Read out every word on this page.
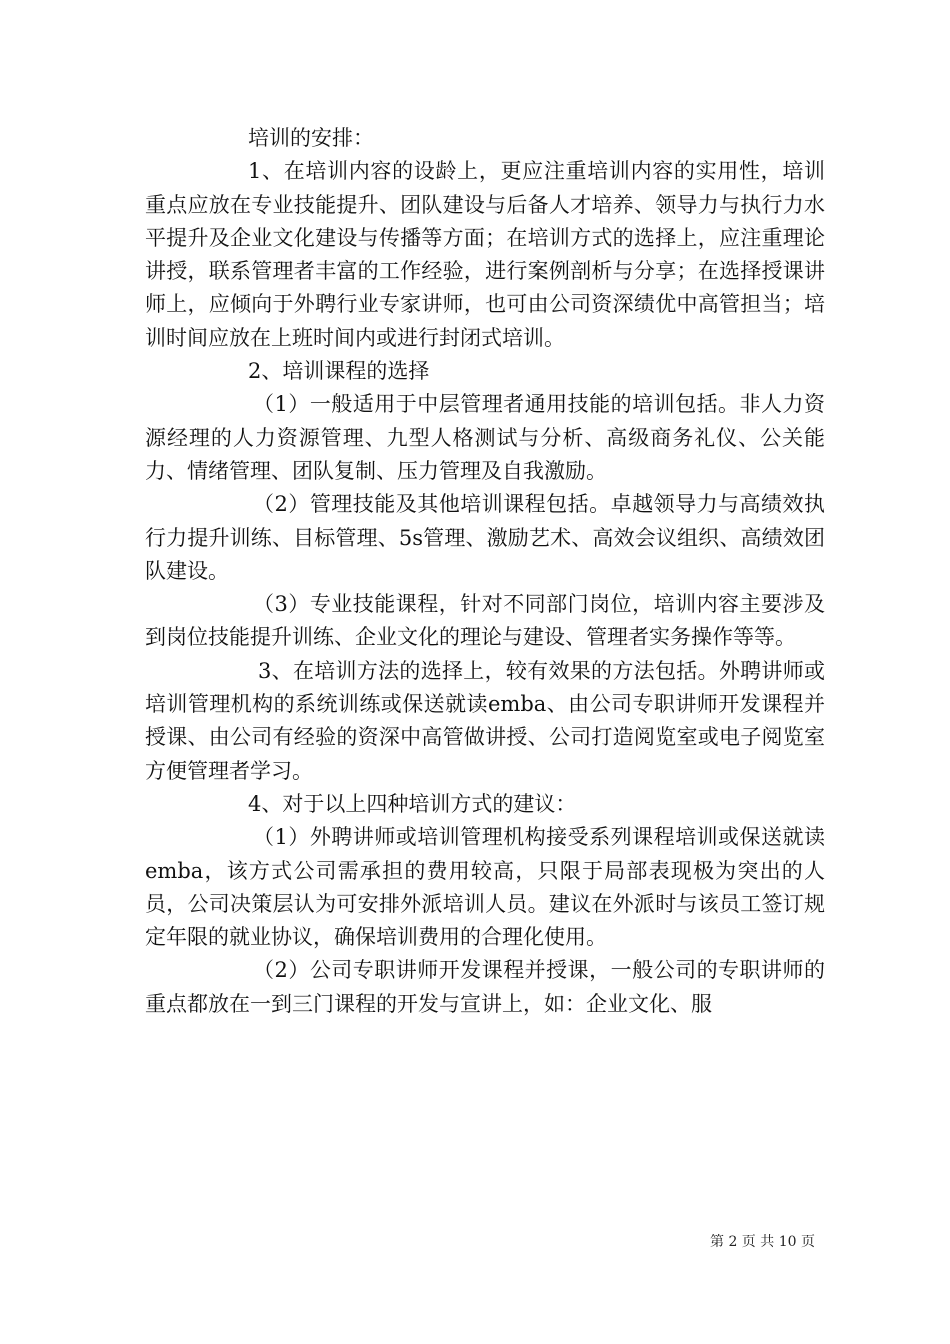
培训的安排：

1、在培训内容的设龄上，更应注重培训内容的实用性，培训重点应放在专业技能提升、团队建设与后备人才培养、领导力与执行力水平提升及企业文化建设与传播等方面；在培训方式的选择上，应注重理论讲授，联系管理者丰富的工作经验，进行案例剖析与分享；在选择授课讲师上，应倾向于外聘行业专家讲师，也可由公司资深绩优中高管担当；培训时间应放在上班时间内或进行封闭式培训。

2、培训课程的选择

（1）一般适用于中层管理者通用技能的培训包括。非人力资源经理的人力资源管理、九型人格测试与分析、高级商务礼仪、公关能力、情绪管理、团队复制、压力管理及自我激励。

（2）管理技能及其他培训课程包括。卓越领导力与高绩效执行力提升训练、目标管理、5s管理、激励艺术、高效会议组织、高绩效团队建设。

（3）专业技能课程，针对不同部门岗位，培训内容主要涉及到岗位技能提升训练、企业文化的理论与建设、管理者实务操作等等。

3、在培训方法的选择上，较有效果的方法包括。外聘讲师或培训管理机构的系统训练或保送就读emba、由公司专职讲师开发课程并授课、由公司有经验的资深中高管做讲授、公司打造阅览室或电子阅览室方便管理者学习。

4、对于以上四种培训方式的建议：

（1）外聘讲师或培训管理机构接受系列课程培训或保送就读emba，该方式公司需承担的费用较高，只限于局部表现极为突出的人员，公司决策层认为可安排外派培训人员。建议在外派时与该员工签订规定年限的就业协议，确保培训费用的合理化使用。

（2）公司专职讲师开发课程并授课，一般公司的专职讲师的重点都放在一到三门课程的开发与宣讲上，如：企业文化、服

第 2 页 共 10 页
